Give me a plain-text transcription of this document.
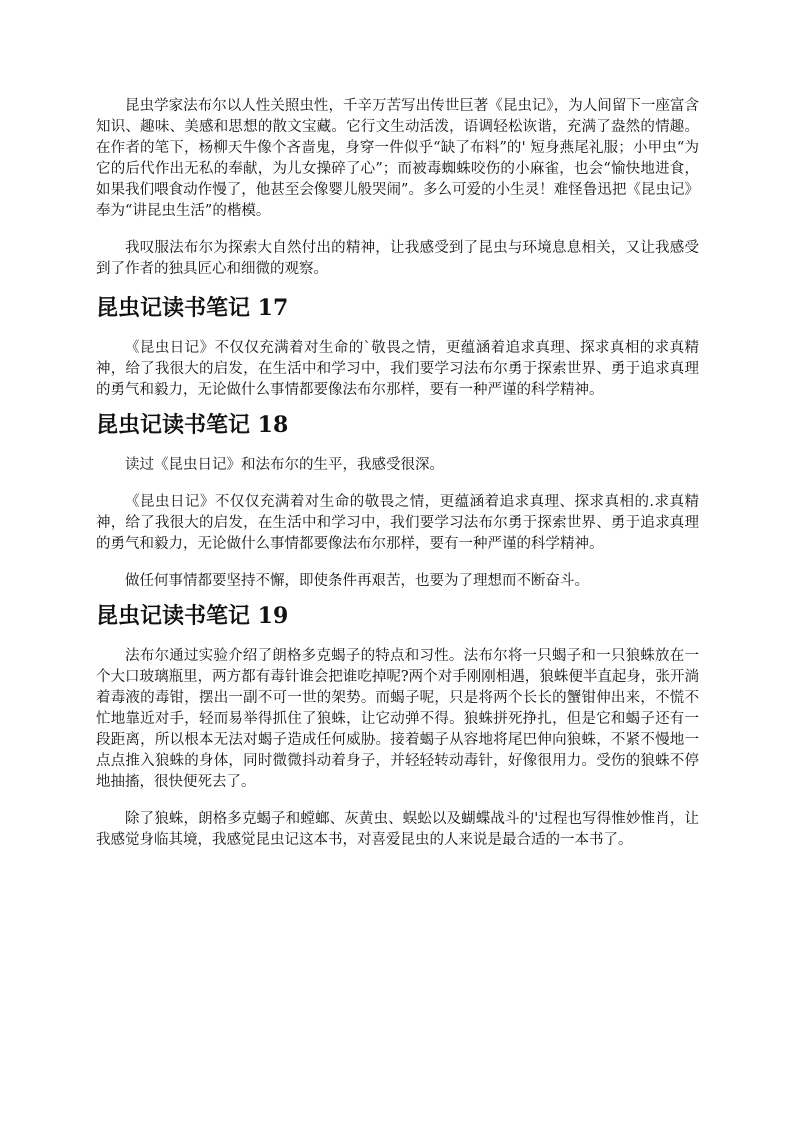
昆虫学家法布尔以人性关照虫性，千辛万苦写出传世巨著《昆虫记》，为人间留下一座富含知识、趣味、美感和思想的散文宝藏。它行文生动活泼，语调轻松诙谐，充满了盎然的情趣。在作者的笔下，杨柳天牛像个吝啬鬼，身穿一件似乎“缺了布料”的' 短身燕尾礼服；小甲虫“为它的后代作出无私的奉献，为儿女操碎了心”；而被毒蜘蛛咬伤的小麻雀，也会“愉快地进食，如果我们喂食动作慢了，他甚至会像婴儿般哭闹”。多么可爱的小生灵！难怪鲁迅把《昆虫记》奉为“讲昆虫生活”的楷模。

我叹服法布尔为探索大自然付出的精神，让我感受到了昆虫与环境息息相关，又让我感受到了作者的独具匠心和细微的观察。

昆虫记读书笔记 17

《昆虫日记》不仅仅充满着对生命的`敬畏之情，更蕴涵着追求真理、探求真相的求真精神，给了我很大的启发，在生活中和学习中，我们要学习法布尔勇于探索世界、勇于追求真理的勇气和毅力，无论做什么事情都要像法布尔那样，要有一种严谨的科学精神。

昆虫记读书笔记 18

读过《昆虫日记》和法布尔的生平，我感受很深。

《昆虫日记》不仅仅充满着对生命的敬畏之情，更蕴涵着追求真理、探求真相的.求真精神，给了我很大的启发，在生活中和学习中，我们要学习法布尔勇于探索世界、勇于追求真理的勇气和毅力，无论做什么事情都要像法布尔那样，要有一种严谨的科学精神。

做任何事情都要坚持不懈，即使条件再艰苦，也要为了理想而不断奋斗。

昆虫记读书笔记 19

法布尔通过实验介绍了朗格多克蝎子的特点和习性。法布尔将一只蝎子和一只狼蛛放在一个大口玻璃瓶里，两方都有毒针谁会把谁吃掉呢?两个对手刚刚相遇，狼蛛便半直起身，张开淌着毒液的毒钳，摆出一副不可一世的架势。而蝎子呢，只是将两个长长的蟹钳伸出来，不慌不忙地靠近对手，轻而易举得抓住了狼蛛，让它动弹不得。狼蛛拼死挣扎，但是它和蝎子还有一段距离，所以根本无法对蝎子造成任何威胁。接着蝎子从容地将尾巴伸向狼蛛，不紧不慢地一点点推入狼蛛的身体，同时微微抖动着身子，并轻轻转动毒针，好像很用力。受伤的狼蛛不停地抽搐，很快便死去了。

除了狼蛛，朗格多克蝎子和螳螂、灰黄虫、蜈蚣以及蝴蝶战斗的'过程也写得惟妙惟肖，让我感觉身临其境，我感觉昆虫记这本书，对喜爱昆虫的人来说是最合适的一本书了。
